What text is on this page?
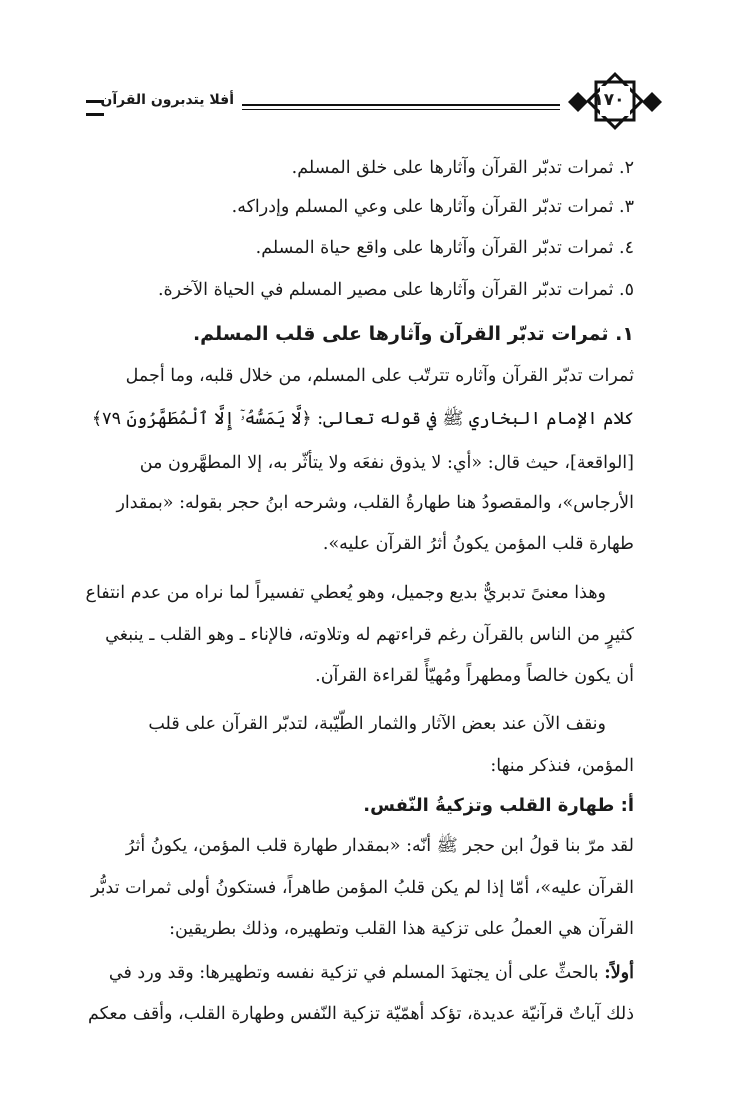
أفلا يتدبرون القرآن	١٧٠
٢. ثمرات تدبّر القرآن وآثارها على خلق المسلم.
٣. ثمرات تدبّر القرآن وآثارها على وعي المسلم وإدراكه.
٤. ثمرات تدبّر القرآن وآثارها على واقع حياة المسلم.
٥. ثمرات تدبّر القرآن وآثارها على مصير المسلم في الحياة الآخرة.
١. ثمرات تدبّر القرآن وآثارها على قلب المسلم.
ثمرات تدبّر القرآن وآثاره تترتّب على المسلم، من خلال قلبه، وما أجمل
كلام الإمام البخاري ﷺ في قوله تعالى: ﴿لَّا يَمَسُّهُۥٓ إِلَّا ٱلْمُطَهَّرُونَ ٧٩﴾
[الواقعة]، حيث قال: «أي: لا يذوق نفعَه ولا يتأثّر به، إلا المطهَّرون من
الأرجاس»، والمقصودُ هنا طهارةُ القلب، وشرحه ابنُ حجر بقوله: «بمقدار
طهارة قلب المؤمن يكونُ أثرُ القرآن عليه».
وهذا معنىً تدبريٌّ بديع وجميل، وهو يُعطي تفسيراً لما نراه من عدم انتفاع
كثيرٍ من الناس بالقرآن رغم قراءتهم له وتلاوته، فالإناء ـ وهو القلب ـ ينبغي
أن يكون خالصاً ومطهراً ومُهيّأً لقراءة القرآن.
ونقف الآن عند بعض الآثار والثمار الطّيّبة، لتدبّر القرآن على قلب
المؤمن، فنذكر منها:
أ: طهارة القلب وتزكيةُ النّفس.
لقد مرّ بنا قولُ ابن حجر ﷺ أنّه: «بمقدار طهارة قلب المؤمن، يكونُ أثرُ
القرآن عليه»، أمّا إذا لم يكن قلبُ المؤمن طاهراً، فستكونُ أولى ثمرات تدبُّر
القرآن هي العملُ على تزكية هذا القلب وتطهيره، وذلك بطريقين:
أولاً: بالحثِّ على أن يجتهدَ المسلم في تزكية نفسه وتطهيرها: وقد ورد في
ذلك آياتٌ قرآنيّة عديدة، تؤكد أهمّيّة تزكية النّفس وطهارة القلب، وأقف معكم
